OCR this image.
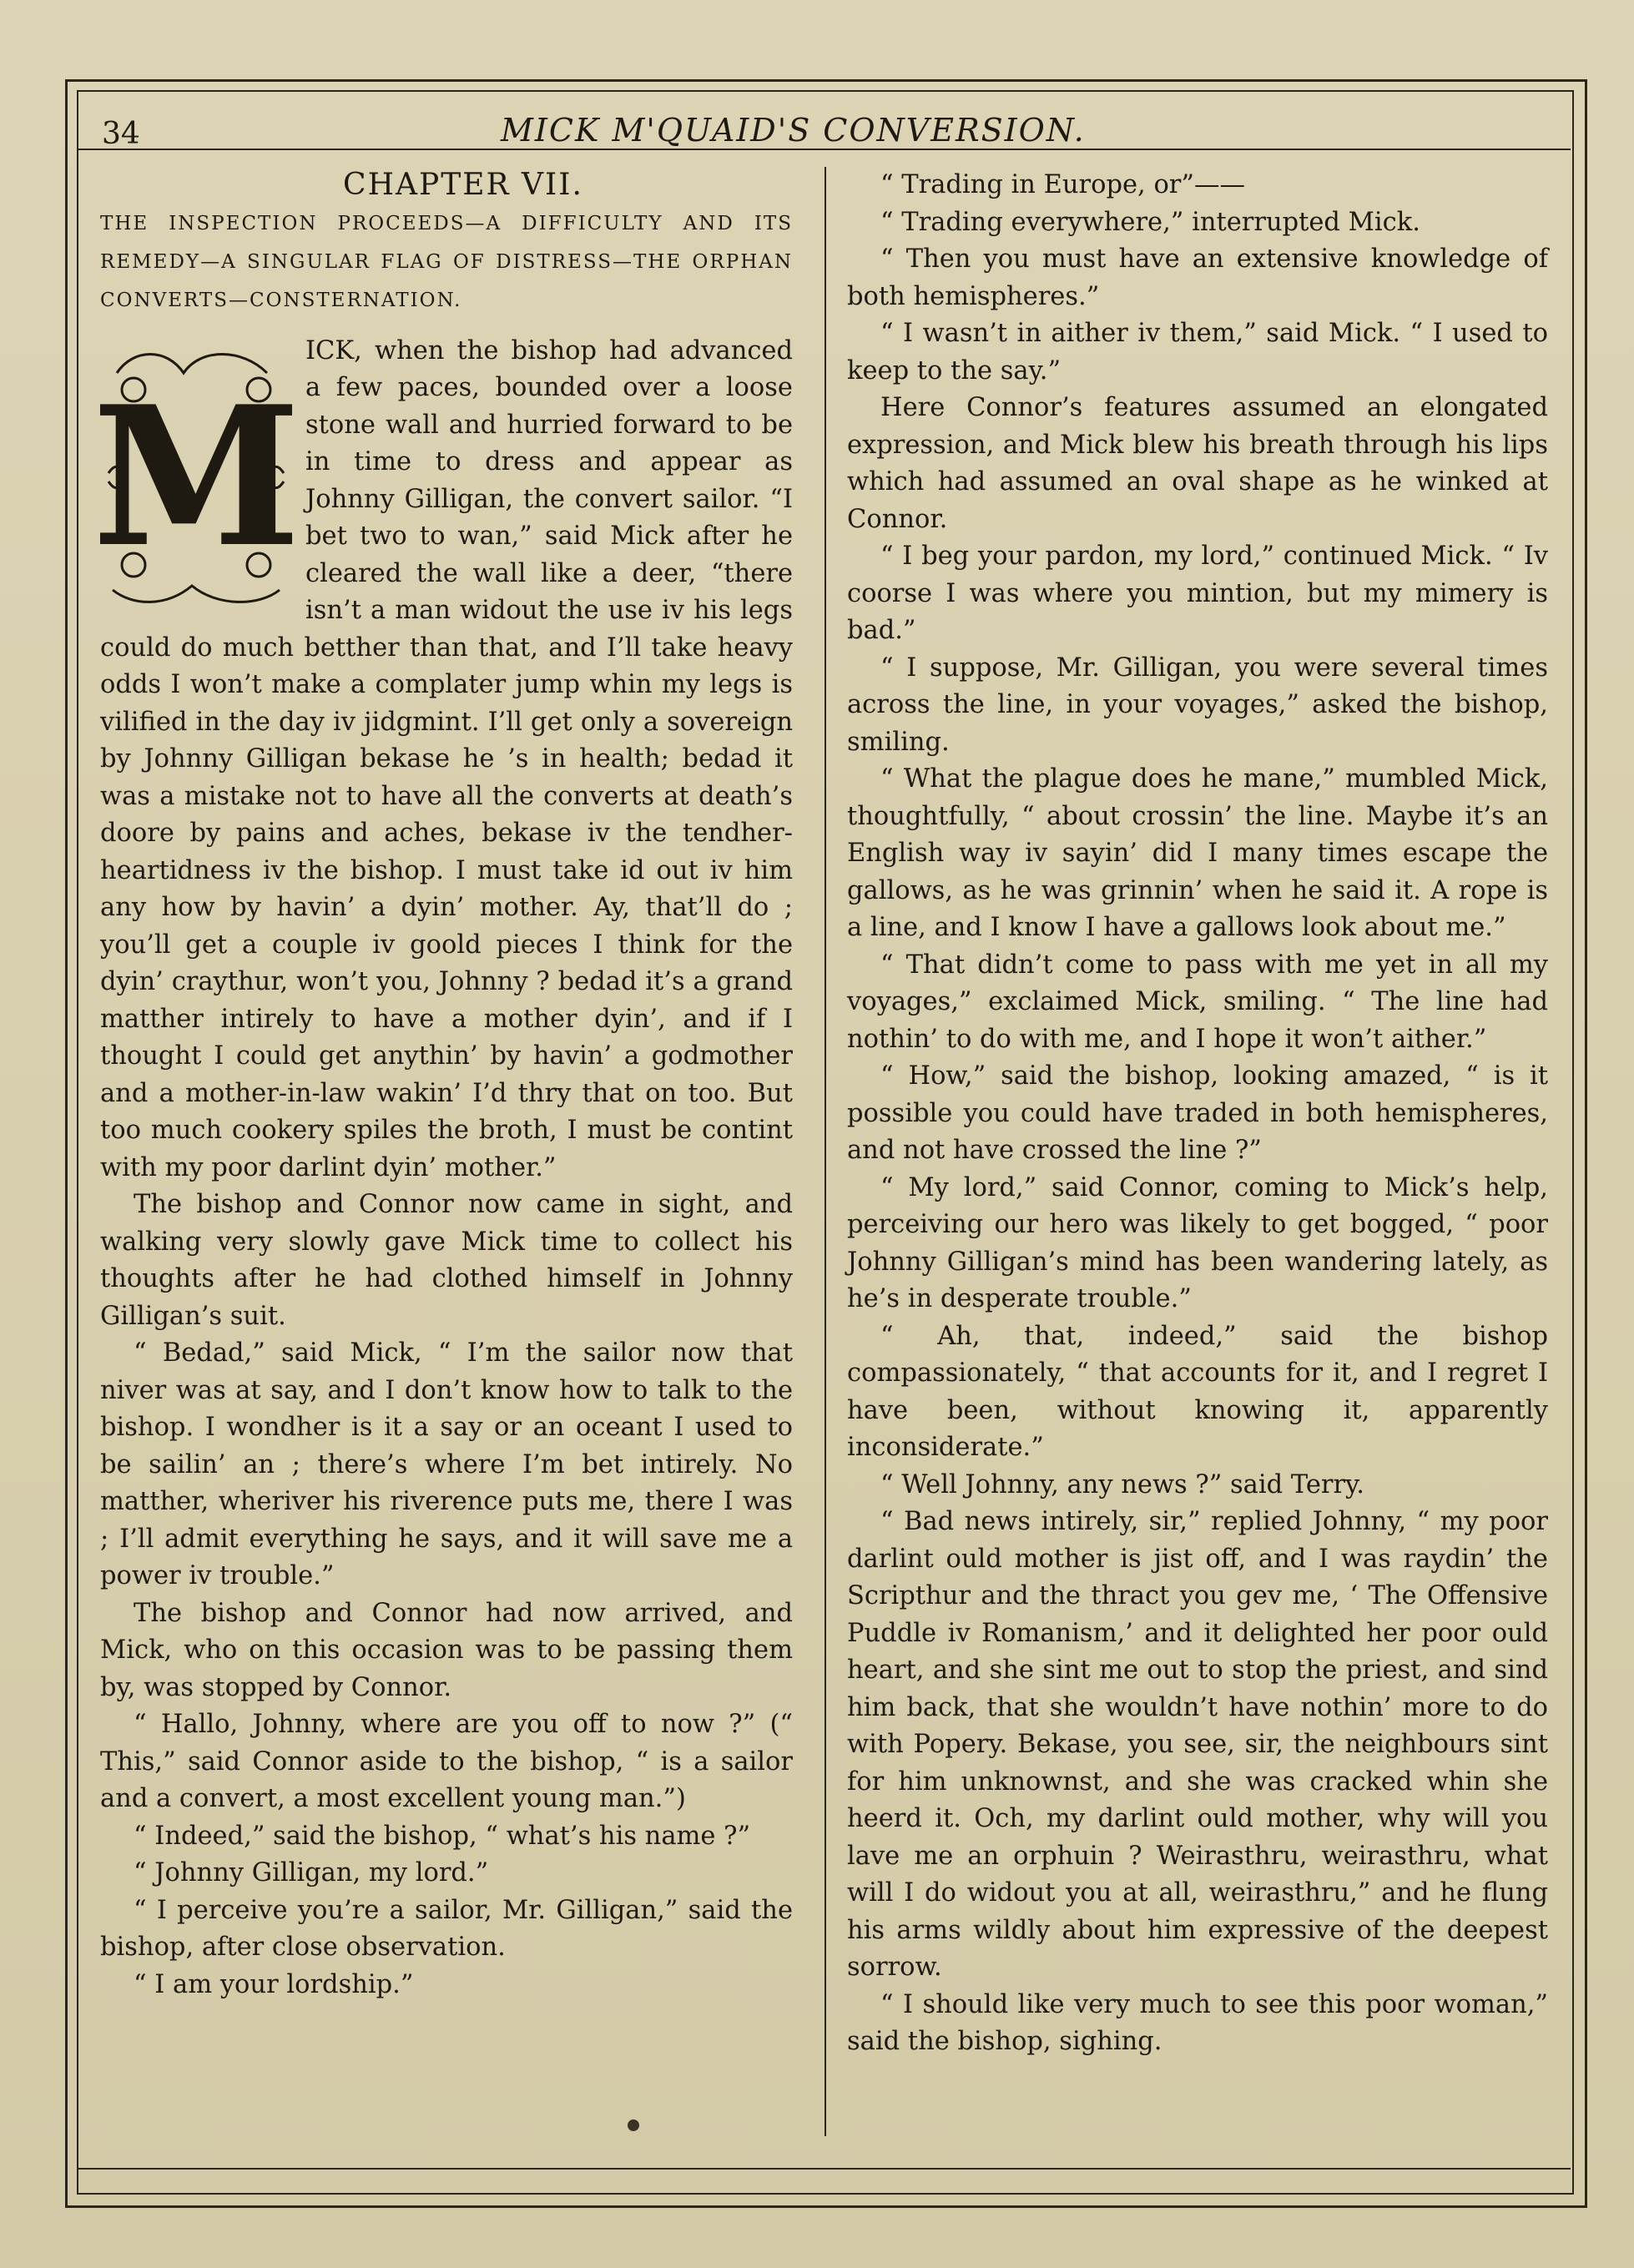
34	MICK M'QUAID'S CONVERSION.

CHAPTER VII.

THE INSPECTION PROCEEDS—A DIFFICULTY AND ITS REMEDY—A SINGULAR FLAG OF DISTRESS—THE ORPHAN CONVERTS—CONSTERNATION.

M

ICK, when the bishop had advanced a few paces, bounded over a loose stone wall and hurried forward to be in time to dress and appear as Johnny Gilligan, the convert sailor. “I bet two to wan,” said Mick after he cleared the wall like a deer, “there isn’t a man widout the use iv his legs could do much betther than that, and I’ll take heavy odds I won’t make a complater jump whin my legs is vilified in the day iv jidgmint. I’ll get only a sovereign by Johnny Gilligan bekase he ’s in health; bedad it was a mistake not to have all the converts at death’s doore by pains and aches, bekase iv the tendher-heartidness iv the bishop. I must take id out iv him any how by havin’ a dyin’ mother. Ay, that’ll do ; you’ll get a couple iv goold pieces I think for the dyin’ craythur, won’t you, Johnny ? bedad it’s a grand matther intirely to have a mother dyin’, and if I thought I could get anythin’ by havin’ a godmother and a mother-in-law wakin’ I’d thry that on too. But too much cookery spiles the broth, I must be contint with my poor darlint dyin’ mother.”

The bishop and Connor now came in sight, and walking very slowly gave Mick time to collect his thoughts after he had clothed himself in Johnny Gilligan’s suit.

“ Bedad,” said Mick, “ I’m the sailor now that niver was at say, and I don’t know how to talk to the bishop. I wondher is it a say or an oceant I used to be sailin’ an ; there’s where I’m bet intirely. No matther, wheriver his riverence puts me, there I was ; I’ll admit everything he says, and it will save me a power iv trouble.”

The bishop and Connor had now arrived, and Mick, who on this occasion was to be passing them by, was stopped by Connor.

“ Hallo, Johnny, where are you off to now ?” (“ This,” said Connor aside to the bishop, “ is a sailor and a convert, a most excellent young man.”)

“ Indeed,” said the bishop, “ what’s his name ?”

“ Johnny Gilligan, my lord.”

“ I perceive you’re a sailor, Mr. Gilligan,” said the bishop, after close observation.

“ I am your lordship.”

“ Trading in Europe, or”——

“ Trading everywhere,” interrupted Mick.

“ Then you must have an extensive knowledge of both hemispheres.”

“ I wasn’t in aither iv them,” said Mick. “ I used to keep to the say.”

Here Connor’s features assumed an elongated expression, and Mick blew his breath through his lips which had assumed an oval shape as he winked at Connor.

“ I beg your pardon, my lord,” continued Mick. “ Iv coorse I was where you mintion, but my mimery is bad.”

“ I suppose, Mr. Gilligan, you were several times across the line, in your voyages,” asked the bishop, smiling.

“ What the plague does he mane,” mumbled Mick, thoughtfully, “ about crossin’ the line. Maybe it’s an English way iv sayin’ did I many times escape the gallows, as he was grinnin’ when he said it. A rope is a line, and I know I have a gallows look about me.”

“ That didn’t come to pass with me yet in all my voyages,” exclaimed Mick, smiling. “ The line had nothin’ to do with me, and I hope it won’t aither.”

“ How,” said the bishop, looking amazed, “ is it possible you could have traded in both hemispheres, and not have crossed the line ?”

“ My lord,” said Connor, coming to Mick’s help, perceiving our hero was likely to get bogged, “ poor Johnny Gilligan’s mind has been wandering lately, as he’s in desperate trouble.”

“ Ah, that, indeed,” said the bishop compassionately, “ that accounts for it, and I regret I have been, without knowing it, apparently inconsiderate.”

“ Well Johnny, any news ?” said Terry.

“ Bad news intirely, sir,” replied Johnny, “ my poor darlint ould mother is jist off, and I was raydin’ the Scripthur and the thract you gev me, ‘ The Offensive Puddle iv Romanism,’ and it delighted her poor ould heart, and she sint me out to stop the priest, and sind him back, that she wouldn’t have nothin’ more to do with Popery. Bekase, you see, sir, the neighbours sint for him unknownst, and she was cracked whin she heerd it. Och, my darlint ould mother, why will you lave me an orphuin ? Weirasthru, weirasthru, what will I do widout you at all, weirasthru,” and he flung his arms wildly about him expressive of the deepest sorrow.

“ I should like very much to see this poor woman,” said the bishop, sighing.
